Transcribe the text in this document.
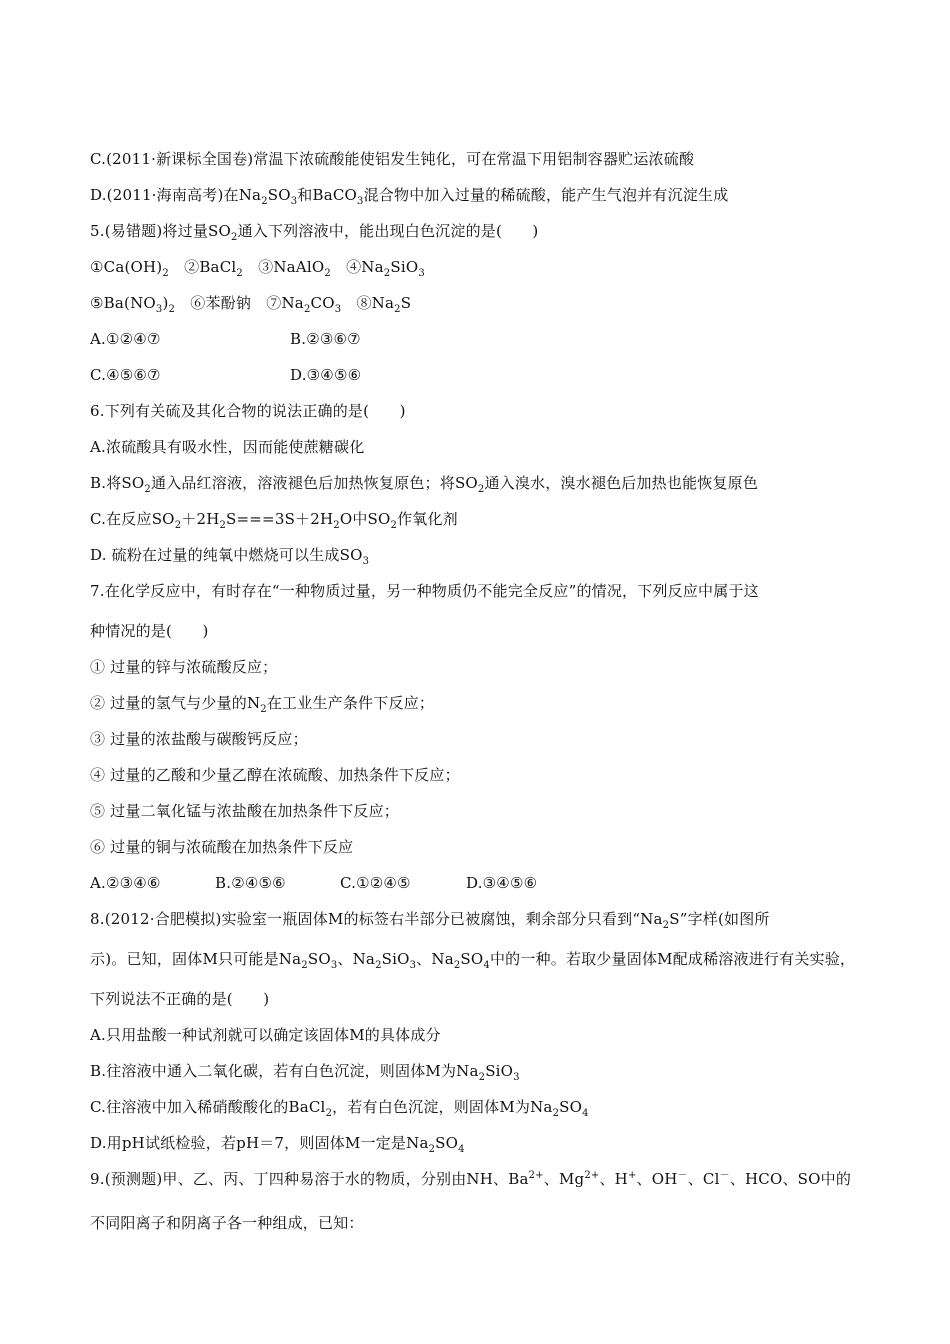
C.(2011·新课标全国卷)常温下浓硫酸能使铝发生钝化，可在常温下用铝制容器贮运浓硫酸
D.(2011·海南高考)在$Na_2SO_3$和BaCO$_3$混合物中加入过量的稀硫酸，能产生气泡并有沉淀生成
5.(易错题)将过量$SO_2$通入下列溶液中，能出现白色沉淀的是(　　)
$①Ca(OH)_2$　②BaCl$_2$　③NaAlO$_2$　$④Na_2SiO_3$
$⑤Ba(NO_3)_2$　⑥苯酚钠　$⑦Na_2CO_3$　$⑧Na_2S$
A.①②④⑦	B.②③⑥⑦
C.④⑤⑥⑦	D.③④⑤⑥
6.下列有关硫及其化合物的说法正确的是(　　)
A.浓硫酸具有吸水性，因而能使蔗糖碳化
B.将$SO_2$通入品红溶液，溶液褪色后加热恢复原色；将$SO_2$通入溴水，溴水褪色后加热也能恢复原色
C.在反应$SO_2+2H_2S===3S+2H_2O$中$SO_2$作氧化剂
D. 硫粉在过量的纯氧中燃烧可以生成$SO_3$
7.在化学反应中，有时存在“一种物质过量，另一种物质仍不能完全反应”的情况，下列反应中属于这
种情况的是(　　)
① 过量的锌与浓硫酸反应；
② 过量的氢气与少量的$N_2$在工业生产条件下反应；
③ 过量的浓盐酸与碳酸钙反应；
④ 过量的乙酸和少量乙醇在浓硫酸、加热条件下反应；
⑤ 过量二氧化锰与浓盐酸在加热条件下反应；
⑥ 过量的铜与浓硫酸在加热条件下反应
A.②③④⑥	B.②④⑤⑥	C.①②④⑤	D.③④⑤⑥
8.(2012·合肥模拟)实验室一瓶固体M的标签右半部分已被腐蚀，剩余部分只看到“$Na_2S$”字样(如图所
示)。已知，固体M只可能是$Na_2SO_3$、$Na_2SiO_3$、$Na_2SO_4$中的一种。若取少量固体M配成稀溶液进行有关实验，
下列说法不正确的是(　　)
A.只用盐酸一种试剂就可以确定该固体M的具体成分
B.往溶液中通入二氧化碳，若有白色沉淀，则固体M为$Na_2SiO_3$
C.往溶液中加入稀硝酸酸化的BaCl$_2$，若有白色沉淀，则固体M为$Na_2SO_4$
D.用pH试纸检验，若pH＝7，则固体M一定是$Na_2SO_4$
9.(预测题)甲、乙、丙、丁四种易溶于水的物质，分别由NH、$Ba^{2+}$、$Mg^{2+}$、H+、OH－、Cl－、HCO、SO中的
不同阳离子和阴离子各一种组成，已知：
